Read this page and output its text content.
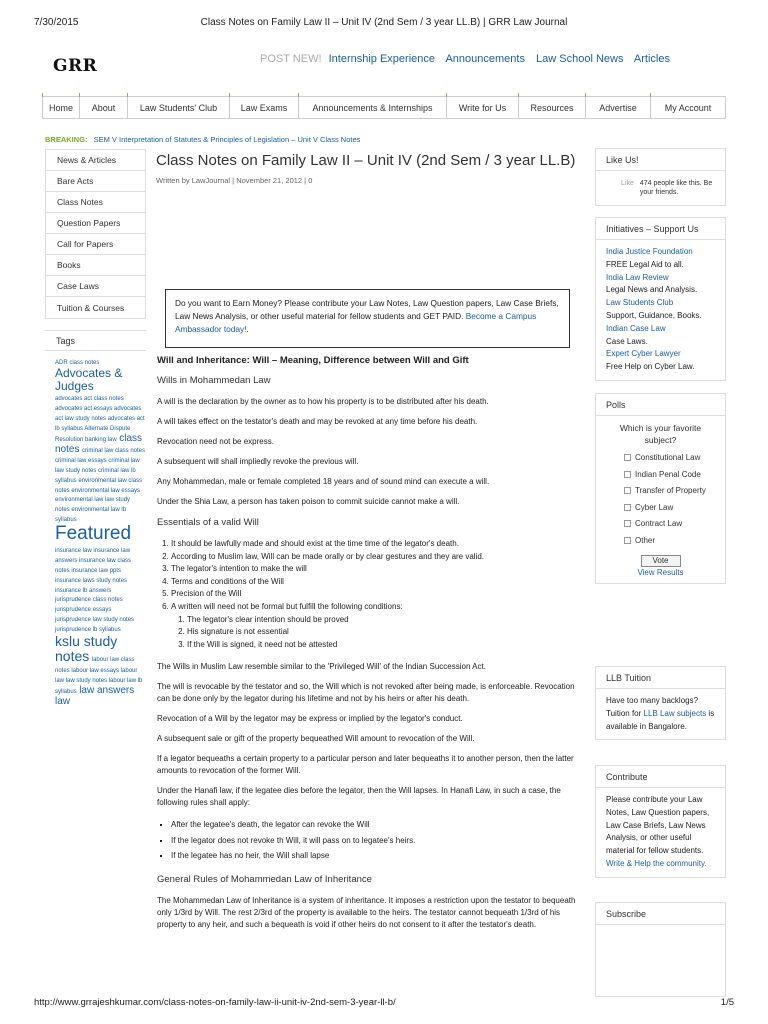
7/30/2015	Class Notes on Family Law II – Unit IV (2nd Sem / 3 year LL.B) | GRR Law Journal
GRR	POST NEW! Internship Experience Announcements Law School News Articles
Home	About	Law Students' Club	Law Exams	Announcements & Internships	Write for Us	Resources	Advertise	My Account
BREAKING: SEM V Interpretation of Statutes & Principles of Legislation – Unit V Class Notes
News & Articles
Bare Acts
Class Notes
Question Papers
Call for Papers
Books
Case Laws
Tuition & Courses
Tags
ADR class notes
Advocates & Judges
advocates act class notes advocates act essays advocates act law study notes advocates act lb syllabus Alternate Dispute Resolution banking law class notes criminal law class notes criminal law essays criminal law law study notes criminal law lb syllabus environmental law class notes environmental law essays environmental law law study notes environmental law lb syllabus
Featured
insurance law insurance law answers insurance law class notes insurance law ppts insurance laws study notes insurance lb answers jurisprudence class notes jurisprudence essays jurisprudence law study notes jurisprudence lb syllabus kslu study notes labour law class notes labour law essays labour law law study notes labour law lb syllabus law answers law
Class Notes on Family Law II – Unit IV (2nd Sem / 3 year LL.B)
Written by LawJournal | November 21, 2012 | 0
Do you want to Earn Money? Please contribute your Law Notes, Law Question papers, Law Case Briefs, Law News Analysis, or other useful material for fellow students and GET PAID. Become a Campus Ambassador today!.
Will and Inheritance: Will – Meaning, Difference between Will and Gift
Wills in Mohammedan Law

A will is the declaration by the owner as to how his property is to be distributed after his death.

A will takes effect on the testator's death and may be revoked at any time before his death.

Revocation need not be express.

A subsequent will shall impliedly revoke the previous will.

Any Mohammedan, male or female completed 18 years and of sound mind can execute a will.

Under the Shia Law, a person has taken poison to commit suicide cannot make a will.

Essentials of a valid Will
1. It should be lawfully made and should exist at the time time of the legator's death.
2. According to Muslim law, Will can be made orally or by clear gestures and they are valid.
3. The legator's intention to make the will
4. Terms and conditions of the Will
5. Precision of the Will
6. A written will need not be formal but fulfill the following conditions:
1. The legator's clear intention should be proved
2. His signature is not essential
3. If the Will is signed, it need not be attested

The Wills in Muslim Law resemble similar to the 'Privileged Will' of the Indian Succession Act.

The will is revocable by the testator and so, the Will which is not revoked after being made, is enforceable. Revocation can be done only by the legator during his lifetime and not by his heirs or after his death.

Revocation of a Will by the legator may be express or implied by the legator's conduct.

A subsequent sale or gift of the property bequeathed Will amount to revocation of the Will.

If a legator bequeaths a certain property to a particular person and later bequeaths it to another person, then the latter amounts to revocation of the former Will.

Under the Hanafi law, if the legatee dies before the legator, then the Will lapses. In Hanafi Law, in such a case, the following rules shall apply:

▪ After the legatee's death, the legator can revoke the Will
▪ If the legator does not revoke th Will, it will pass on to legatee's heirs.
▪ If the legatee has no heir, the Will shall lapse
General Rules of Mohammedan Law of Inheritance

The Mohammedan Law of Inheritance is a system of inheritance. It imposes a restriction upon the testator to bequeath only 1/3rd by Will. The rest 2/3rd of the property is available to the heirs. The testator cannot bequeath 1/3rd of his property to any heir, and such a bequeath is void if other heirs do not consent to it after the testator's death.

Like Us!
Like 474 people like this. Be your friends.
Initiatives – Support Us
India Justice Foundation
FREE Legal Aid to all.
India Law Review
Legal News and Analysis.
Law Students Club
Support, Guidance, Books.
Indian Case Law
Case Laws.
Expert Cyber Lawyer
Free Help on Cyber Law.
Polls
Which is your favorite subject?
Constitutional Law
Indian Penal Code
Transfer of Property
Cyber Law
Contract Law
Other
Vote
View Results
LLB Tuition
Have too many backlogs? Tuition for LLB Law subjects is available in Bangalore.
Contribute
Please contribute your Law Notes, Law Question papers, Law Case Briefs, Law News Analysis, or other useful material for fellow students. Write & Help the community.
Subscribe
http://www.grrajeshkumar.com/class-notes-on-family-law-ii-unit-iv-2nd-sem-3-year-ll-b/	1/5
